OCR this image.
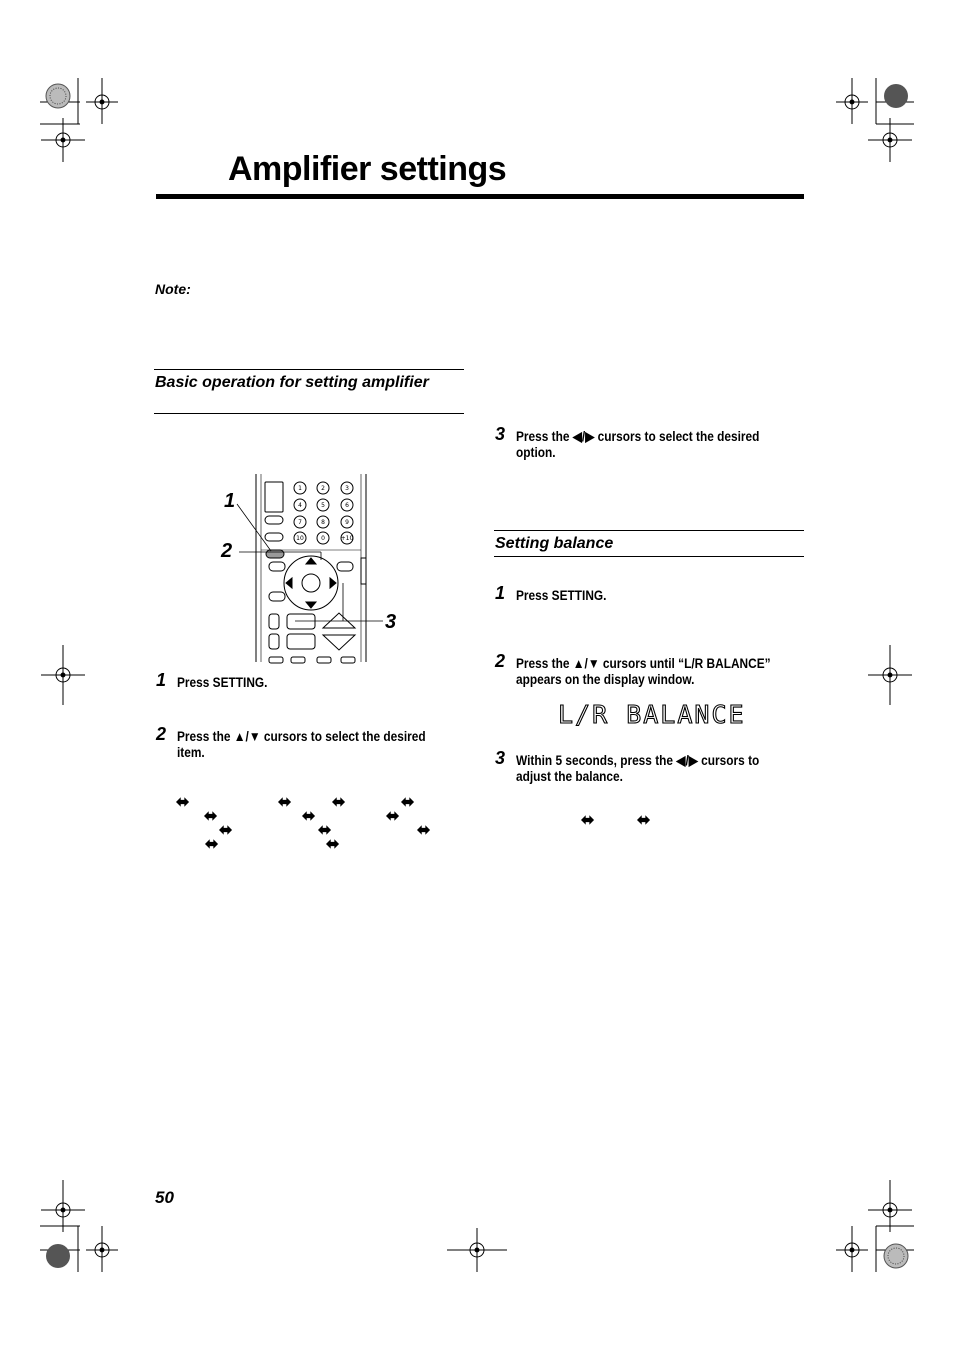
Amplifier settings
Note:
Basic operation for setting amplifier
1	2	3
4	5	6
7	8	9
10	0	+10
1
2
3
1 Press SETTING.
2 Press the ▲/▼ cursors to select the desired
item.
⬌	⬌	⬌	⬌
⬌	⬌	⬌
⬌	⬌	⬌
⬌	⬌
3 Press the ◀/▶ cursors to select the desired
option.
Setting balance
1 Press SETTING.
2 Press the ▲/▼ cursors until “L/R BALANCE”
appears on the display window.
L/R BALANCE
3 Within 5 seconds, press the ◀/▶ cursors to
adjust the balance.
⬌	⬌
50
